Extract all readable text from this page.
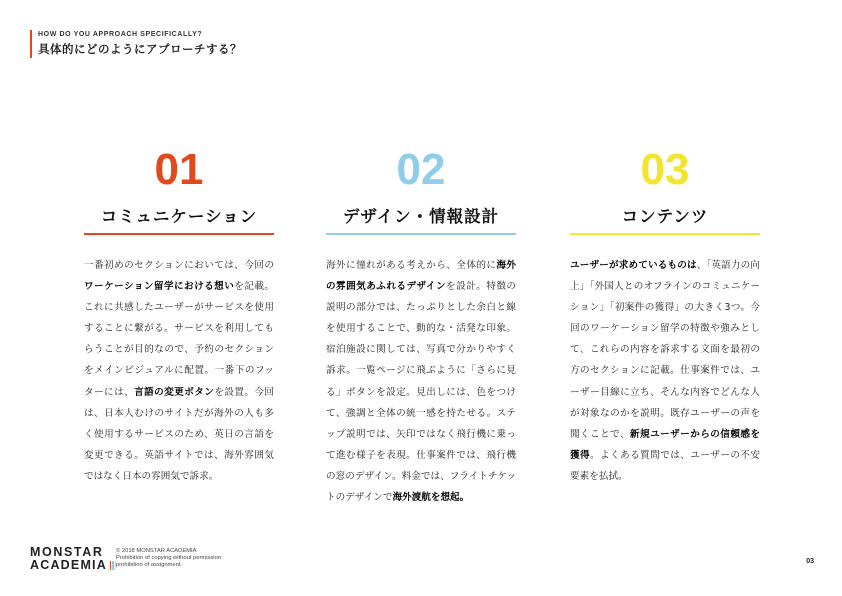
HOW DO YOU APPROACH SPECIFICALLY?
具体的にどのようにアプローチする？
01
コミュニケーション
一番初めのセクションにおいては、今回のワーケーション留学における想いを記載。これに共感したユーザーがサービスを使用することに繋がる。サービスを利用してもらうことが目的なので、予約のセクションをメインビジュアルに配置。一番下のフッターには、言語の変更ボタンを設置。今回は、日本人むけのサイトだが海外の人も多く使用するサービスのため、英日の言語を変更できる。英語サイトでは、海外雰囲気ではなく日本の雰囲気で訴求。
02
デザイン・情報設計
海外に憧れがある考えから、全体的に海外の雰囲気あふれるデザインを設計。特徴の説明の部分では、たっぷりとした余白と線を使用することで、動的な・活発な印象。宿泊施設に関しては、写真で分かりやすく訴求。一覧ページに飛ぶように「さらに見る」ボタンを設定。見出しには、色をつけて、強調と全体の統一感を持たせる。ステップ説明では、矢印ではなく飛行機に乗って進む様子を表現。仕事案件では、飛行機の窓のデザイン。料金では、フライトチケットのデザインで海外渡航を想起。
03
コンテンツ
ユーザーが求めているものは、「英語力の向上」「外国人とのオフラインのコミュニケーション」「初案件の獲得」の大きく3つ。今回のワーケーション留学の特徴や強みとして、これらの内容を訴求する文面を最初の方のセクションに記載。仕事案件では、ユーザー目線に立ち、そんな内容でどんな人が対象なのかを説明。既存ユーザーの声を聞くことで、新規ユーザーからの信頼感を獲得。よくある質問では、ユーザーの不安要素を払拭。
MONSTAR
ACADEMIA
© 2018 MONSTAR ACADEMIA
Prohibition of copying without permission
prohibition of assignment.	03
